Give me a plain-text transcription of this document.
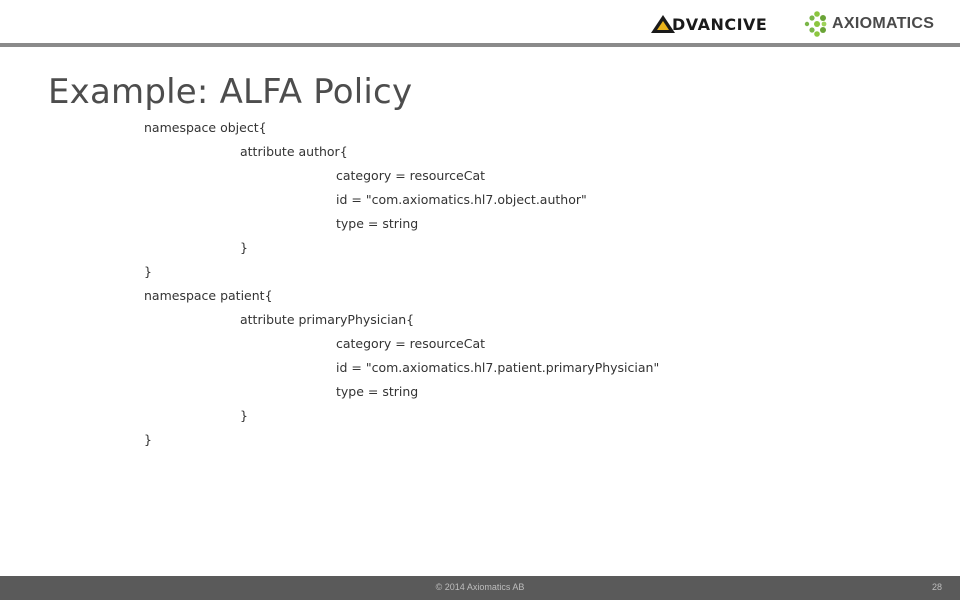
DVANCIVE	AXIOMATICS
Example: ALFA Policy
namespace object{
attribute author{
category = resourceCat
id = "com.axiomatics.hl7.object.author"
type = string
}
}
namespace patient{
attribute primaryPhysician{
category = resourceCat
id = "com.axiomatics.hl7.patient.primaryPhysician"
type = string
}
}
© 2014 Axiomatics AB	28
